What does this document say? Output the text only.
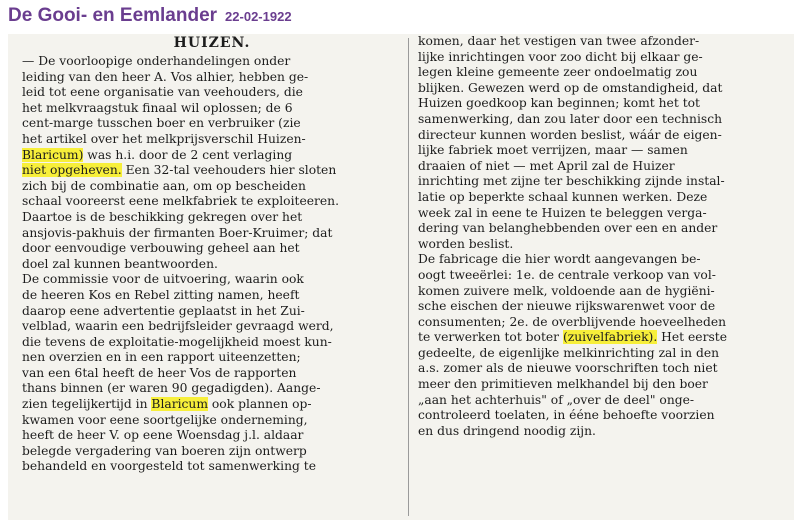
De Gooi- en Eemlander 22-02-1922
HUIZEN.
— De voorloopige onderhandelingen onder
leiding van den heer A. Vos alhier, hebben ge-
leid tot eene organisatie van veehouders, die
het melkvraagstuk finaal wil oplossen; de 6
cent-marge tusschen boer en verbruiker (zie
het artikel over het melkprijsverschil Huizen-
Blaricum) was h.i. door de 2 cent verlaging
niet opgeheven. Een 32-tal veehouders hier sloten
zich bij de combinatie aan, om op bescheiden
schaal vooreerst eene melkfabriek te exploiteeren.
Daartoe is de beschikking gekregen over het
ansjovis-pakhuis der firmanten Boer-Kruimer; dat
door eenvoudige verbouwing geheel aan het
doel zal kunnen beantwoorden.
De commissie voor de uitvoering, waarin ook
de heeren Kos en Rebel zitting namen, heeft
daarop eene advertentie geplaatst in het Zui-
velblad, waarin een bedrijfsleider gevraagd werd,
die tevens de exploitatie-mogelijkheid moest kun-
nen overzien en in een rapport uiteenzetten;
van een 6tal heeft de heer Vos de rapporten
thans binnen (er waren 90 gegadigden). Aange-
zien tegelijkertijd in Blaricum ook plannen op-
kwamen voor eene soortgelijke onderneming,
heeft de heer V. op eene Woensdag j.l. aldaar
belegde vergadering van boeren zijn ontwerp
behandeld en voorgesteld tot samenwerking te
komen, daar het vestigen van twee afzonder-
lijke inrichtingen voor zoo dicht bij elkaar ge-
legen kleine gemeente zeer ondoelmatig zou
blijken. Gewezen werd op de omstandigheid, dat
Huizen goedkoop kan beginnen; komt het tot
samenwerking, dan zou later door een technisch
directeur kunnen worden beslist, wáár de eigen-
lijke fabriek moet verrijzen, maar — samen
draaien of niet — met April zal de Huizer
inrichting met zijne ter beschikking zijnde instal-
latie op beperkte schaal kunnen werken. Deze
week zal in eene te Huizen te beleggen verga-
dering van belanghebbenden over een en ander
worden beslist.
De fabricage die hier wordt aangevangen be-
oogt tweeërlei: 1e. de centrale verkoop van vol-
komen zuivere melk, voldoende aan de hygiëni-
sche eischen der nieuwe rijkswarenwet voor de
consumenten; 2e. de overblijvende hoeveelheden
te verwerken tot boter (zuivelfabriek). Het eerste
gedeelte, de eigenlijke melkinrichting zal in den
a.s. zomer als de nieuwe voorschriften toch niet
meer den primitieven melkhandel bij den boer
„aan het achterhuis" of „over de deel" onge-
controleerd toelaten, in ééne behoefte voorzien
en dus dringend noodig zijn.
